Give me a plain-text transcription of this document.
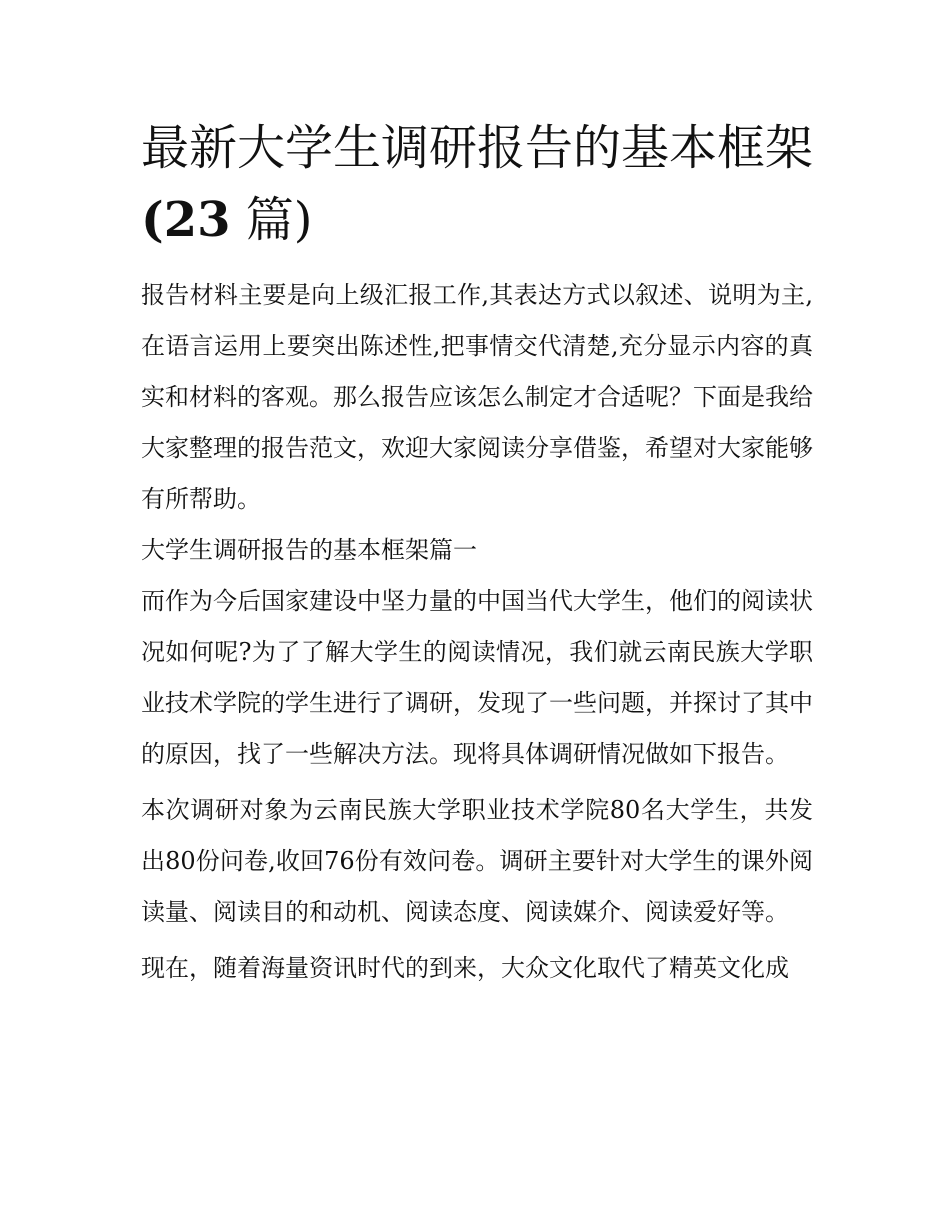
最新大学生调研报告的基本框架(23 篇)

报告材料主要是向上级汇报工作,其表达方式以叙述、说明为主,在语言运用上要突出陈述性,把事情交代清楚,充分显示内容的真实和材料的客观。那么报告应该怎么制定才合适呢？下面是我给大家整理的报告范文，欢迎大家阅读分享借鉴，希望对大家能够有所帮助。

大学生调研报告的基本框架篇一

而作为今后国家建设中坚力量的中国当代大学生，他们的阅读状况如何呢?为了了解大学生的阅读情况，我们就云南民族大学职业技术学院的学生进行了调研，发现了一些问题，并探讨了其中的原因，找了一些解决方法。现将具体调研情况做如下报告。

本次调研对象为云南民族大学职业技术学院80名大学生，共发出80份问卷,收回76份有效问卷。调研主要针对大学生的课外阅读量、阅读目的和动机、阅读态度、阅读媒介、阅读爱好等。

现在，随着海量资讯时代的到来，大众文化取代了精英文化成
